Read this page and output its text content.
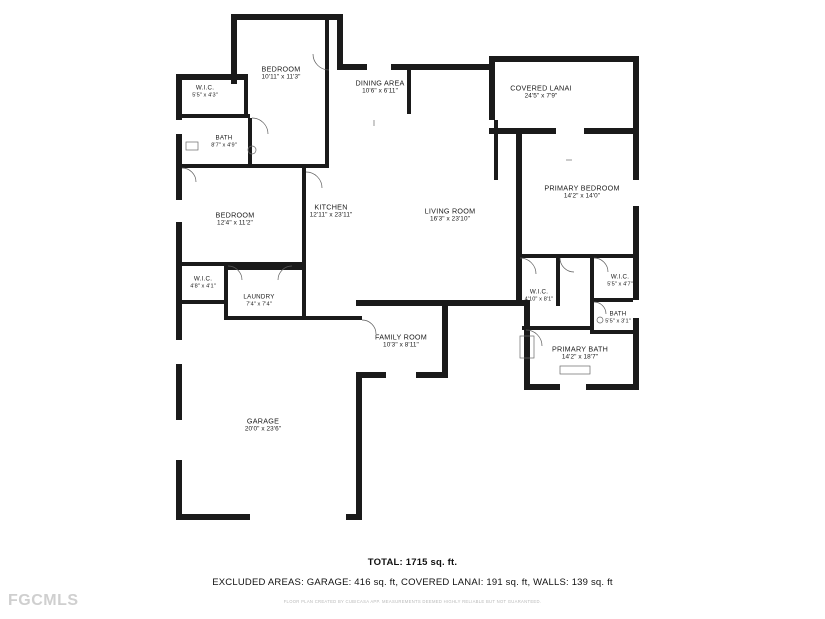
BEDROOM
10'11" x 11'3"
W.I.C.
5'5" x 4'3"
BATH
8'7" x 4'9"
DINING AREA
10'6" x 6'11"	COVERED LANAI
24'5" x 7'9"
KITCHEN
12'11" x 23'11"
BEDROOM
12'4" x 11'2"
LIVING ROOM
16'3" x 23'10"
PRIMARY BEDROOM
14'2" x 14'0"
W.I.C.
4'8" x 4'1"
LAUNDRY
7'4" x 7'4"
W.I.C.
4'10" x 8'1"
W.I.C.
5'5" x 4'7"
BATH
5'5" x 3'1"
FAMILY ROOM
10'3" x 8'11"	PRIMARY BATH
14'2" x 18'7"
GARAGE
20'0" x 23'6"
TOTAL: 1715 sq. ft.
EXCLUDED AREAS: GARAGE: 416 sq. ft, COVERED LANAI: 191 sq. ft, WALLS: 139 sq. ft
FLOOR PLAN CREATED BY CUBICASA APP. MEASUREMENTS DEEMED HIGHLY RELIABLE BUT NOT GUARANTEED.
FGCMLS
